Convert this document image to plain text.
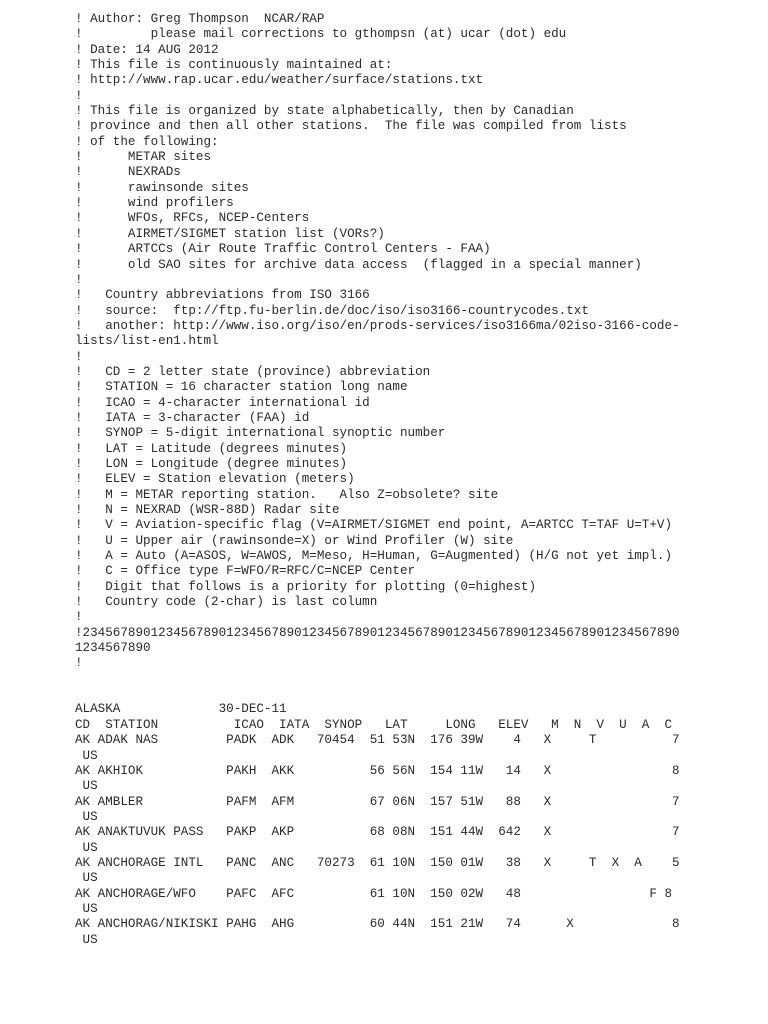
! Author: Greg Thompson  NCAR/RAP
!         please mail corrections to gthompsn (at) ucar (dot) edu
! Date: 14 AUG 2012
! This file is continuously maintained at:
! http://www.rap.ucar.edu/weather/surface/stations.txt
!
! This file is organized by state alphabetically, then by Canadian
! province and then all other stations.  The file was compiled from lists
! of the following:
!      METAR sites
!      NEXRADs
!      rawinsonde sites
!      wind profilers
!      WFOs, RFCs, NCEP-Centers
!      AIRMET/SIGMET station list (VORs?)
!      ARTCCs (Air Route Traffic Control Centers - FAA)
!      old SAO sites for archive data access  (flagged in a special manner)
!
!   Country abbreviations from ISO 3166
!   source:  ftp://ftp.fu-berlin.de/doc/iso/iso3166-countrycodes.txt
!   another: http://www.iso.org/iso/en/prods-services/iso3166ma/02iso-3166-code-
lists/list-en1.html
!
!   CD = 2 letter state (province) abbreviation
!   STATION = 16 character station long name
!   ICAO = 4-character international id
!   IATA = 3-character (FAA) id
!   SYNOP = 5-digit international synoptic number
!   LAT = Latitude (degrees minutes)
!   LON = Longitude (degree minutes)
!   ELEV = Station elevation (meters)
!   M = METAR reporting station.   Also Z=obsolete? site
!   N = NEXRAD (WSR-88D) Radar site
!   V = Aviation-specific flag (V=AIRMET/SIGMET end point, A=ARTCC T=TAF U=T+V)
!   U = Upper air (rawinsonde=X) or Wind Profiler (W) site
!   A = Auto (A=ASOS, W=AWOS, M=Meso, H=Human, G=Augmented) (H/G not yet impl.)
!   C = Office type F=WFO/R=RFC/C=NCEP Center
!   Digit that follows is a priority for plotting (0=highest)
!   Country code (2-char) is last column
!
!2345678901234567890123456789012345678901234567890123456789012345678901234567890
1234567890
!
ALASKA             30-DEC-11
CD  STATION          ICAO  IATA  SYNOP   LAT     LONG   ELEV   M  N  V  U  A  C
AK ADAK NAS         PADK  ADK   70454  51 53N  176 39W    4   X     T          7
US
AK AKHIOK           PAKH  AKK          56 56N  154 11W   14   X                8
US
AK AMBLER           PAFM  AFM          67 06N  157 51W   88   X                7
US
AK ANAKTUVUK PASS   PAKP  AKP          68 08N  151 44W  642   X                7
US
AK ANCHORAGE INTL   PANC  ANC   70273  61 10N  150 01W   38   X     T  X  A    5
US
AK ANCHORAGE/WFO    PAFC  AFC          61 10N  150 02W   48                 F 8
US
AK ANCHORAG/NIKISKI PAHG  AHG          60 44N  151 21W   74      X             8
US
